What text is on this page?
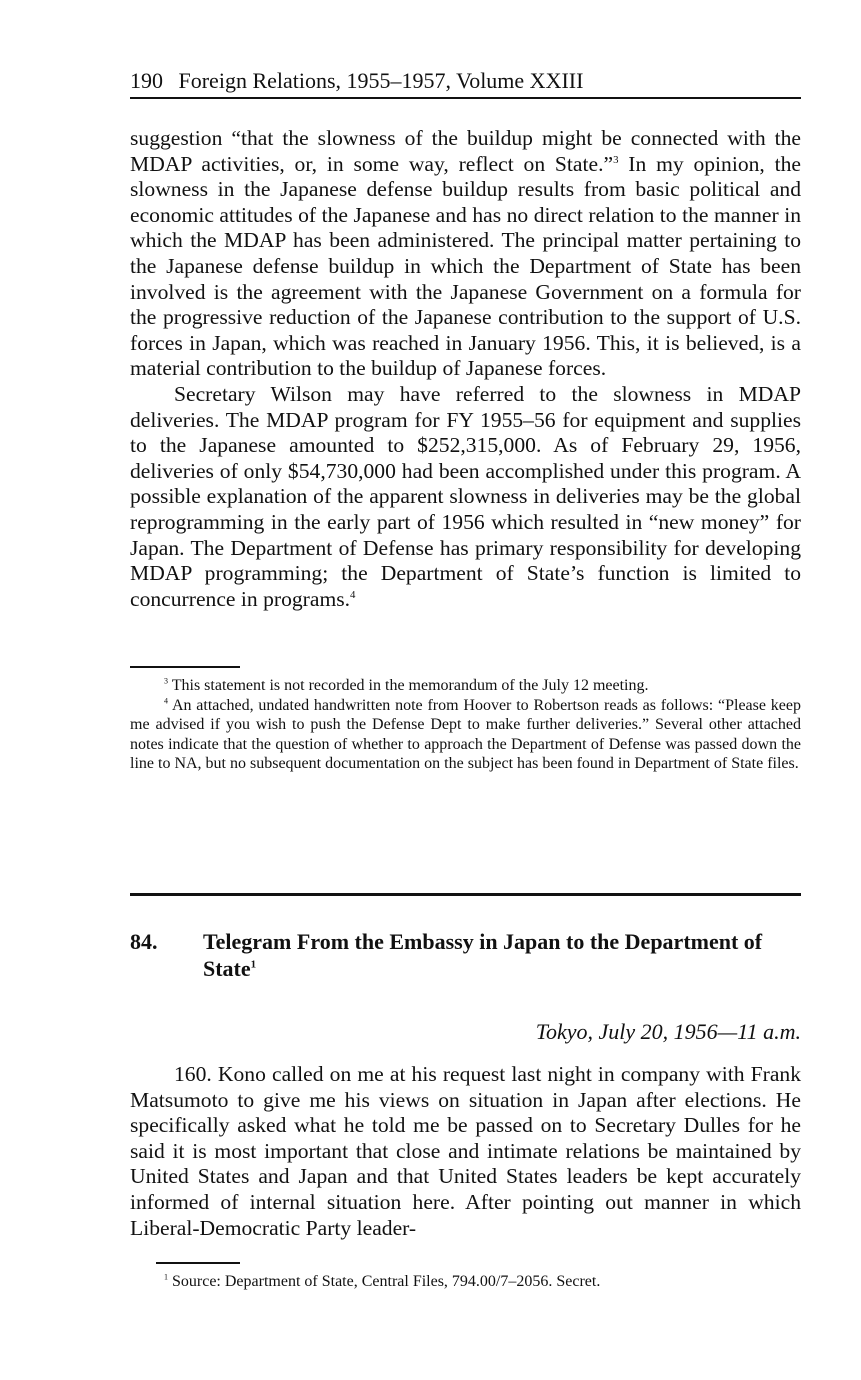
190 Foreign Relations, 1955–1957, Volume XXIII

suggestion “that the slowness of the buildup might be connected with the MDAP activities, or, in some way, reflect on State.”$^3$ In my opinion, the slowness in the Japanese defense buildup results from basic political and economic attitudes of the Japanese and has no direct relation to the manner in which the MDAP has been administered. The principal matter pertaining to the Japanese defense buildup in which the Department of State has been involved is the agreement with the Japanese Government on a formula for the progressive reduction of the Japanese contribution to the support of U.S. forces in Japan, which was reached in January 1956. This, it is believed, is a material contribution to the buildup of Japanese forces.

Secretary Wilson may have referred to the slowness in MDAP deliveries. The MDAP program for FY 1955–56 for equipment and supplies to the Japanese amounted to $252,315,000. As of February 29, 1956, deliveries of only $54,730,000 had been accomplished under this program. A possible explanation of the apparent slowness in deliveries may be the global reprogramming in the early part of 1956 which resulted in “new money” for Japan. The Department of Defense has primary responsibility for developing MDAP programming; the Department of State’s function is limited to concurrence in programs.$^4$

$^3$ This statement is not recorded in the memorandum of the July 12 meeting.

$^4$ An attached, undated handwritten note from Hoover to Robertson reads as follows: “Please keep me advised if you wish to push the Defense Dept to make further deliveries.” Several other attached notes indicate that the question of whether to approach the Department of Defense was passed down the line to NA, but no subsequent documentation on the subject has been found in Department of State files.

84. Telegram From the Embassy in Japan to the Department of State$^1$
Tokyo, July 20, 1956—11 a.m.

160. Kono called on me at his request last night in company with Frank Matsumoto to give me his views on situation in Japan after elections. He specifically asked what he told me be passed on to Secretary Dulles for he said it is most important that close and intimate relations be maintained by United States and Japan and that United States leaders be kept accurately informed of internal situation here. After pointing out manner in which Liberal-Democratic Party leader-

$^1$ Source: Department of State, Central Files, 794.00/7–2056. Secret.
